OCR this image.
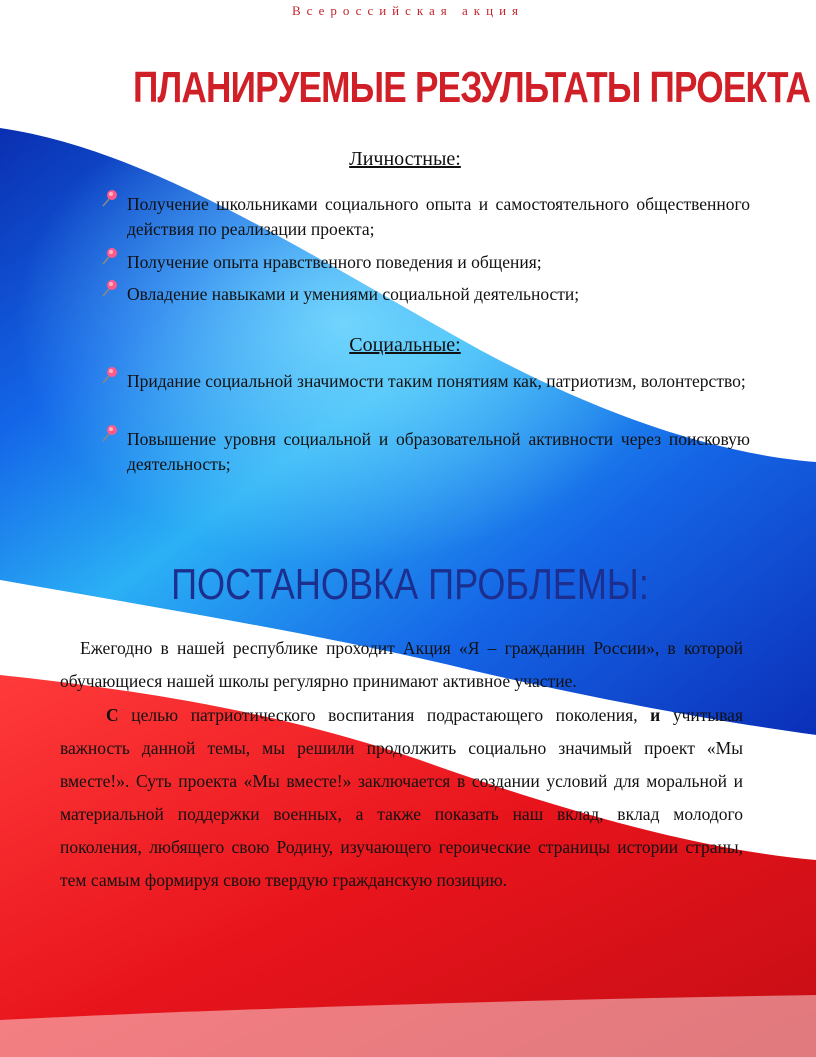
Всероссийская акция
ПЛАНИРУЕМЫЕ РЕЗУЛЬТАТЫ ПРОЕКТА
Личностные:
Получение школьниками социального опыта и самостоятельного общественного действия по реализации проекта;
Получение опыта нравственного поведения и общения;
Овладение навыками и умениями социальной деятельности;
Социальные:
Придание социальной значимости таким понятиям как, патриотизм, волонтерство;
Повышение уровня социальной и образовательной активности через поисковую деятельность;
ПОСТАНОВКА ПРОБЛЕМЫ:

Ежегодно в нашей республике проходит Акция «Я – гражданин России», в которой обучающиеся нашей школы регулярно принимают активное участие.

С целью патриотического воспитания подрастающего поколения, и учитывая важность данной темы, мы решили продолжить социально значимый проект «Мы вместе!». Суть проекта «Мы вместе!» заключается в создании условий для моральной и материальной поддержки военных, а также показать наш вклад, вклад молодого поколения, любящего свою Родину, изучающего героические страницы истории страны, тем самым формируя свою твердую гражданскую позицию.
